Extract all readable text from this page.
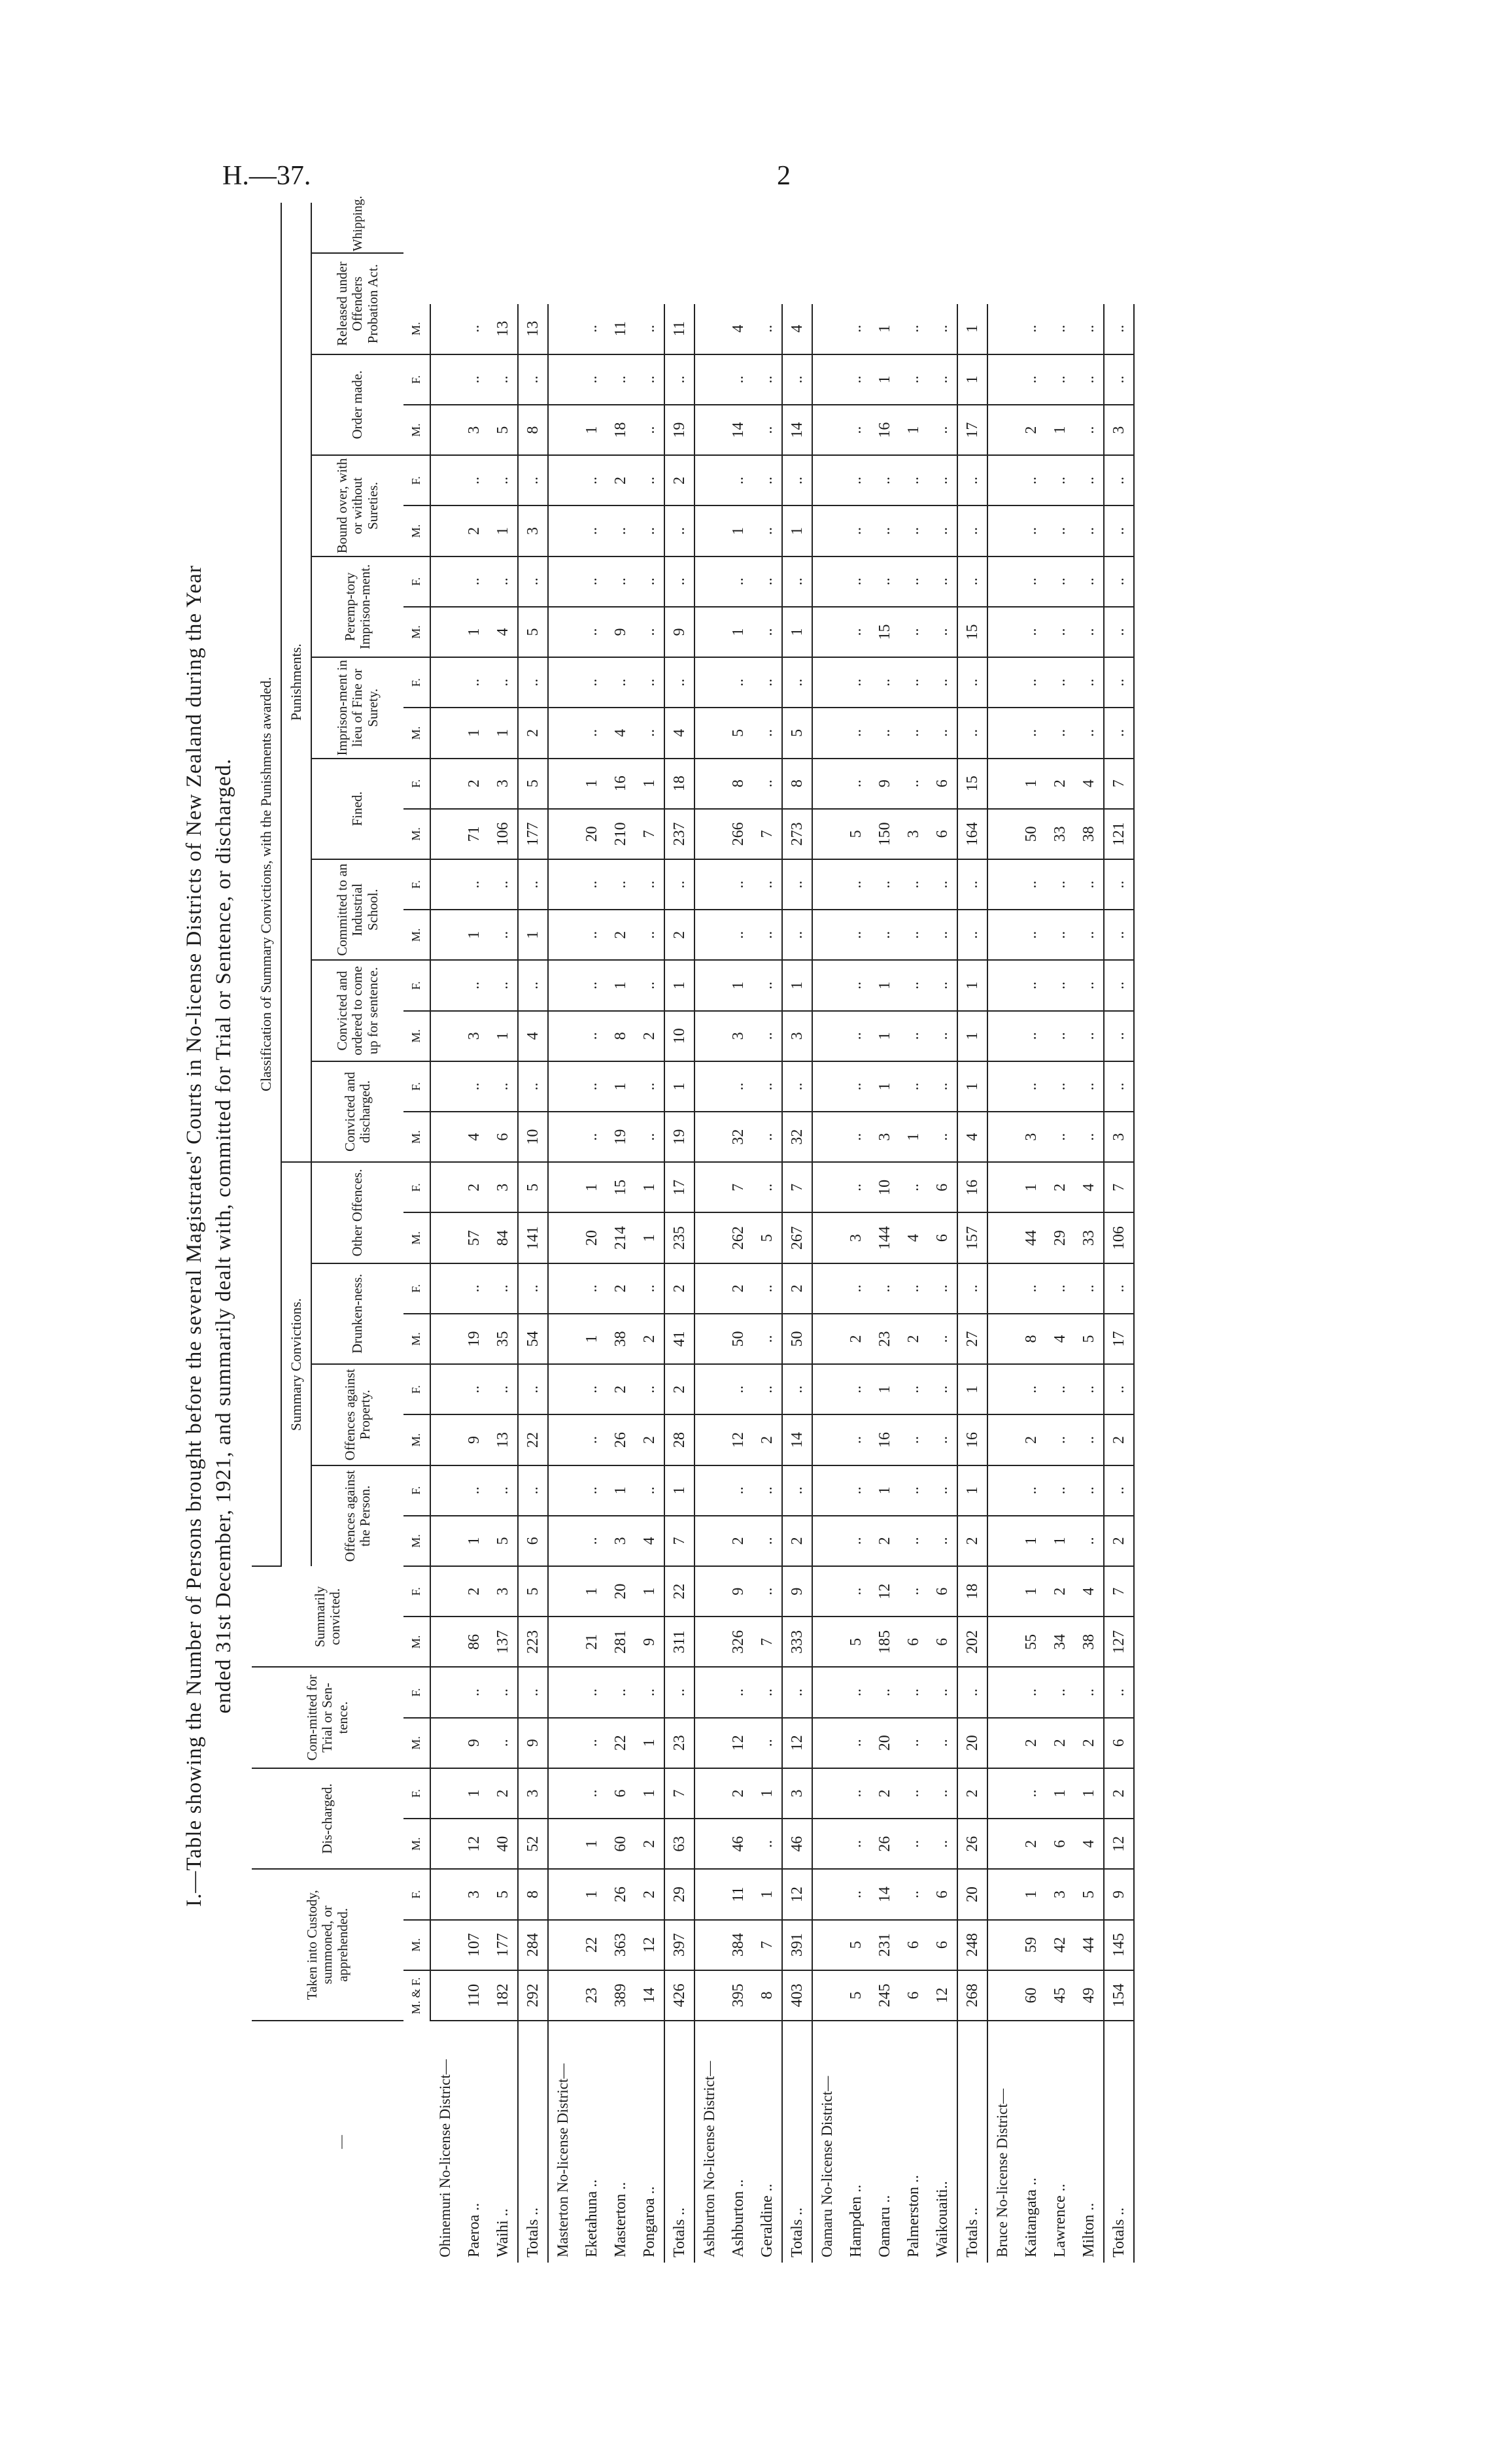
H.—37.	2
I.—Table showing the Number of Persons brought before the several Magistrates' Courts in No-license Districts of New Zealand during the Year ended 31st December, 1921, and summarily dealt with, committed for Trial or Sentence, or discharged.
—	Taken into Custody, summoned, or apprehended.			Dis-charged.		Com-mitted for Trial or Sen-tence.		Summarily convicted.		Classification of Summary Convictions, with the Punishments awarded.																									
										Summary Convictions.								Punishments.																	
										Offences against the Person.		Offences against Property.		Drunken-ness.		Other Offences.		Convicted and discharged.		Convicted and ordered to come up for sentence.		Committed to an Industrial School.		Fined.		Imprison-ment in lieu of Fine or Surety.		Peremp-tory Imprison-ment.		Bound over, with or without Sureties.		Order made.		Released under Offenders Probation Act.	Whipping.
	M. & F.	M.	F.	M.	F.	M.	F.	M.	F.	M.	F.	M.	F.	M.	F.	M.	F.	M.	F.	M.	F.	M.	F.	M.	F.	M.	F.	M.	F.	M.	F.	M.	F.	M.	
Ohinemuri No-license District—																																			
Paeroa ..	110	107	3	12	1	9	..	86	2	1	..	9	..	19	..	57	2	4	..	3	..	1	..	71	2	1	..	1	..	2	..	3	..	..	
Waihi ..	182	177	5	40	2	..	..	137	3	5	..	13	..	35	..	84	3	6	..	1	..	..	..	106	3	1	..	4	..	1	..	5	..	13	
Totals ..	292	284	8	52	3	9	..	223	5	6	..	22	..	54	..	141	5	10	..	4	..	1	..	177	5	2	..	5	..	3	..	8	..	13	
Masterton No-license District—																																			
Eketahuna ..	23	22	1	1	..	..	..	21	1	..	..	..	..	1	..	20	1	..	..	..	..	..	..	20	1	..	..	..	..	..	..	1	..	..	
Masterton ..	389	363	26	60	6	22	..	281	20	3	1	26	2	38	2	214	15	19	1	8	1	2	..	210	16	4	..	9	..	..	2	18	..	11	
Pongaroa ..	14	12	2	2	1	1	..	9	1	4	..	2	..	2	..	1	1	..	..	2	..	..	..	7	1	..	..	..	..	..	..	..	..	..	
Totals ..	426	397	29	63	7	23	..	311	22	7	1	28	2	41	2	235	17	19	1	10	1	2	..	237	18	4	..	9	..	..	2	19	..	11	
Ashburton No-license District—																																			
Ashburton ..	395	384	11	46	2	12	..	326	9	2	..	12	..	50	2	262	7	32	..	3	1	..	..	266	8	5	..	1	..	1	..	14	..	4	
Geraldine ..	8	7	1	..	1	..	..	7	..	..	..	2	..	..	..	5	..	..	..	..	..	..	..	7	..	..	..	..	..	..	..	..	..	..	
Totals ..	403	391	12	46	3	12	..	333	9	2	..	14	..	50	2	267	7	32	..	3	1	..	..	273	8	5	..	1	..	1	..	14	..	4	
Oamaru No-license District—																																			
Hampden ..	5	5	..	..	..	..	..	5	..	..	..	..	..	2	..	3	..	..	..	..	..	..	..	5	..	..	..	..	..	..	..	..	..	..	
Oamaru ..	245	231	14	26	2	20	..	185	12	2	1	16	1	23	..	144	10	3	1	1	1	..	..	150	9	..	..	15	..	..	..	16	1	1	
Palmerston ..	6	6	..	..	..	..	..	6	..	..	..	..	..	2	..	4	..	1	..	..	..	..	..	3	..	..	..	..	..	..	..	1	..	..	
Waikouaiti..	12	6	6	..	..	..	..	6	6	..	..	..	..	..	..	6	6	..	..	..	..	..	..	6	6	..	..	..	..	..	..	..	..	..	
Totals ..	268	248	20	26	2	20	..	202	18	2	1	16	1	27	..	157	16	4	1	1	1	..	..	164	15	..	..	15	..	..	..	17	1	1	
Bruce No-license District—																																			
Kaitangata ..	60	59	1	2	..	2	..	55	1	1	..	2	..	8	..	44	1	3	..	..	..	..	..	50	1	..	..	..	..	..	..	2	..	..	
Lawrence ..	45	42	3	6	1	2	..	34	2	1	..	..	..	4	..	29	2	..	..	..	..	..	..	33	2	..	..	..	..	..	..	1	..	..	
Milton ..	49	44	5	4	1	2	..	38	4	..	..	..	..	5	..	33	4	..	..	..	..	..	..	38	4	..	..	..	..	..	..	..	..	..	
Totals ..	154	145	9	12	2	6	..	127	7	2	..	2	..	17	..	106	7	3	..	..	..	..	..	121	7	..	..	..	..	..	..	3	..	..	
